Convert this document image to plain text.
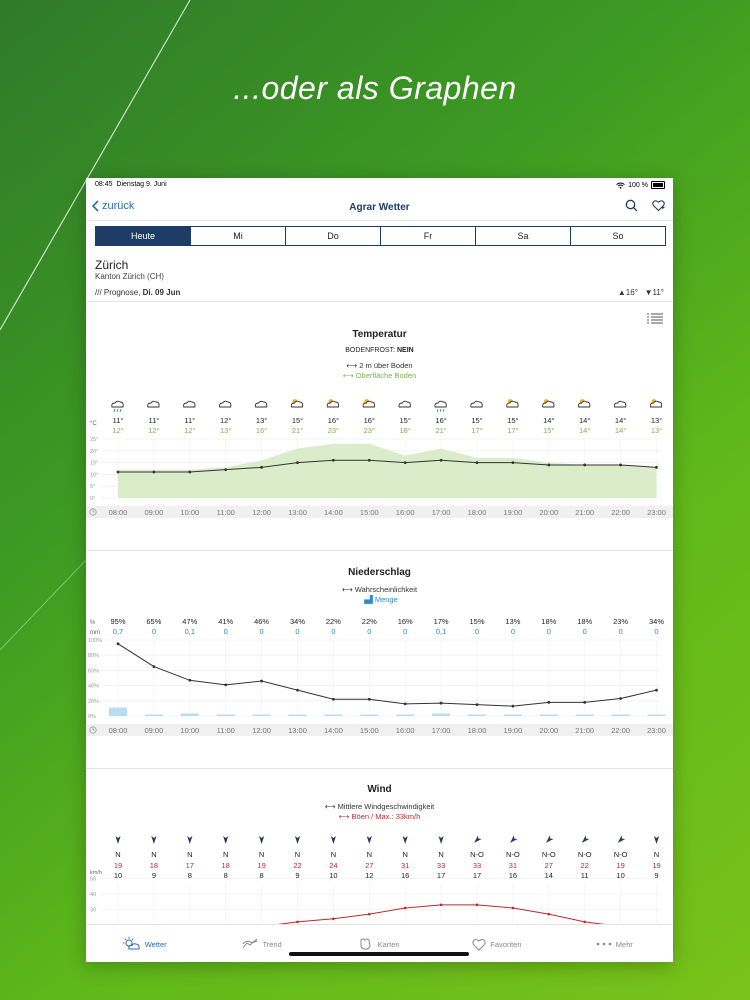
...oder als Graphen
08:45 Dienstag 9. Juni	100 %
zurück	Agrar Wetter
Heute	Mi	Do	Fr	Sa	So
Zürich
Kanton Zürich (CH)
/// Prognose, Di. 09 Jun	▲16° ▼11°
Temperatur
BODENFROST: NEIN
⟷ 2 m über Boden
⟷ Oberfläche Boden
°C 11°	11°	11°	12°	13°	15°	16°	16°	15°	16°	15°	15°	14°	14°	14°	13°
12°	12°	12°	13°	16°	21°	23°	23°	18°	21°	17°	17°	15°	14°	14°	13°
25°
20°
15°
10°
5°
0°
08:00 09:00 10:00 11:00 12:00 13:00 14:00 15:00 16:00 17:00 18:00 19:00 20:00 21:00 22:00 23:00
Niederschlag
⟷ Wahrscheinlichkeit
▗▟ Menge
%
mm
95%	65%	47%	41%	46%	34%	22%	22%	16%	17%	15%	13%	18%	18%	23%	34%
0,7	0	0,1	0	0	0	0	0	0	0,1	0	0	0	0	0	0
100%
80%
60%
40%
20%
0%
08:00 09:00 10:00 11:00 12:00 13:00 14:00 15:00 16:00 17:00 18:00 19:00 20:00 21:00 22:00 23:00
Wind
⟷ Mittlere Windgeschwindigkeit
⟷ Böen / Max.: 33km/h
N	N	N	N	N	N	N	N	N	N	N-O	N-O	N-O	N-O	N-O	N
19	18	17	18	19	22	24	27	31	33	33	31	27	22	19	19
10	9	8	8	8	9	10	12	16	17	17	16	14	11	10	9
km/h
50
40
30
Wetter	Trend	Karten	Favoriten	Mehr
